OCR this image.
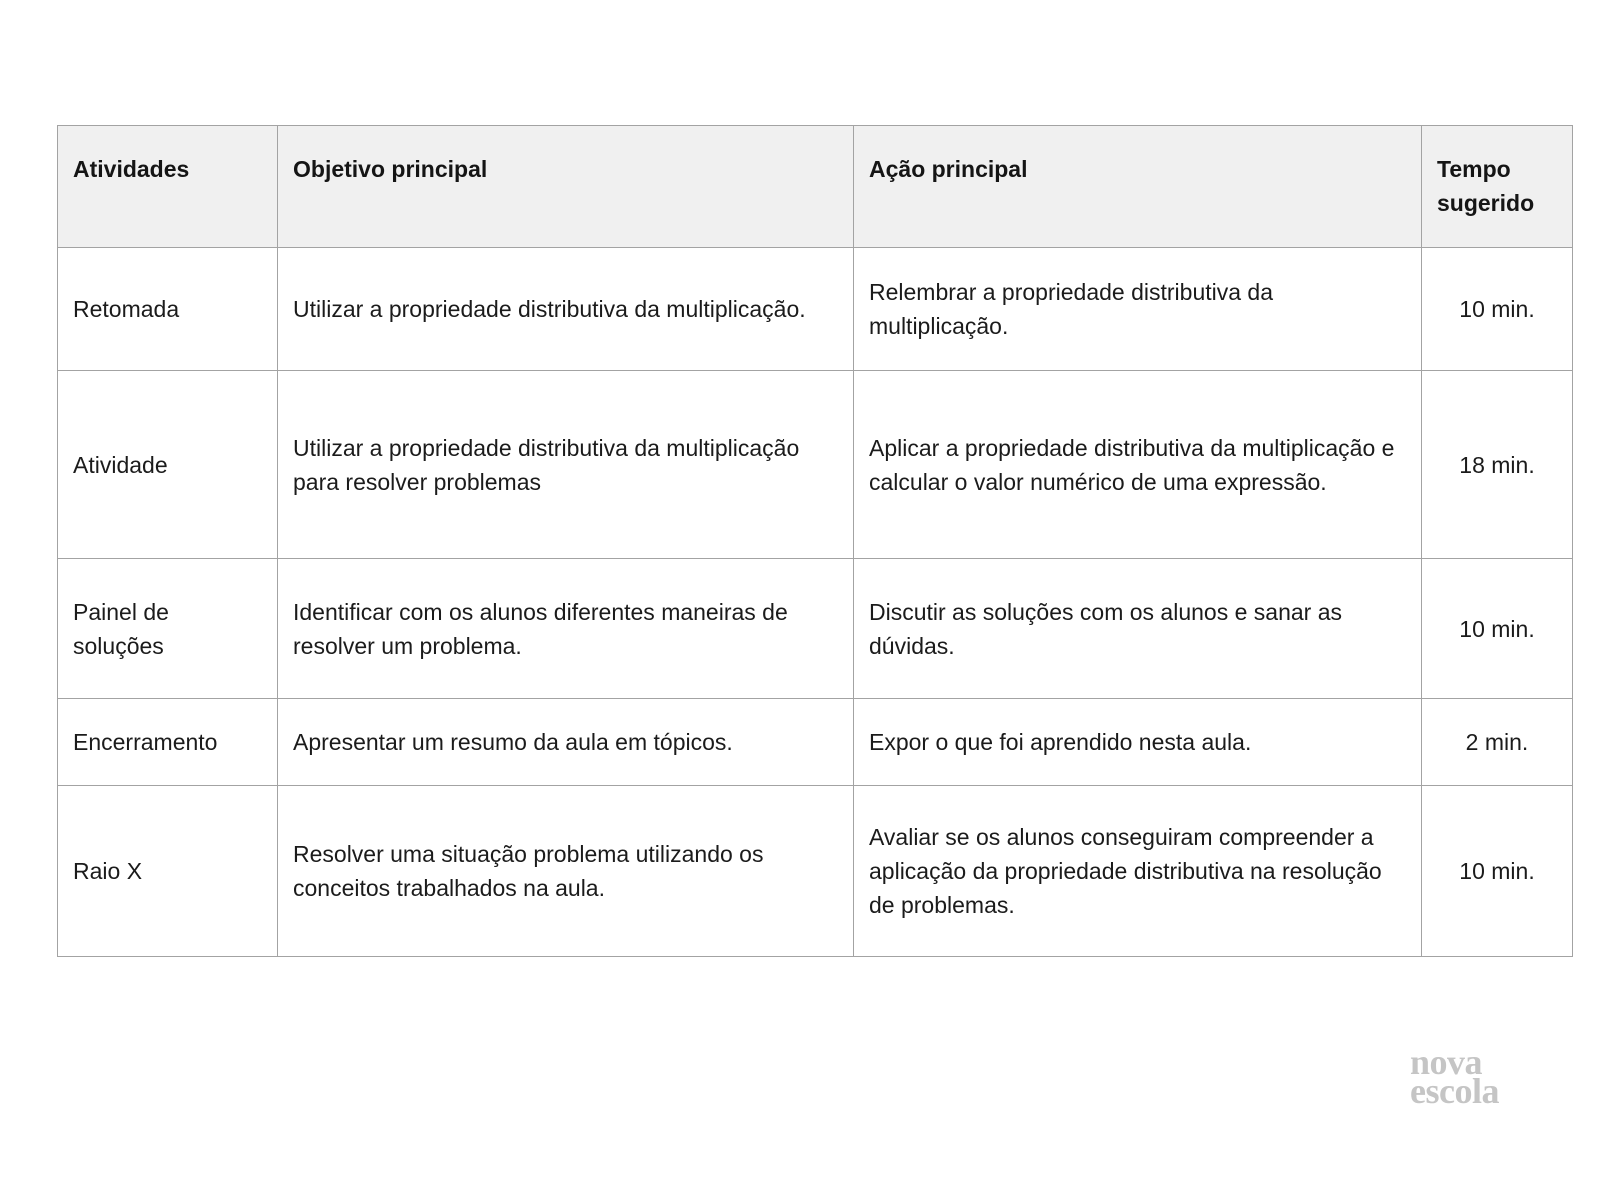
Atividades	Objetivo principal	Ação principal	Tempo sugerido
Retomada	Utilizar a propriedade distributiva da multiplicação.	Relembrar a propriedade distributiva da multiplicação.	10 min.
Atividade	Utilizar a propriedade distributiva da multiplicação para resolver problemas	Aplicar a propriedade distributiva da multiplicação e calcular o valor numérico de uma expressão.	18 min.
Painel de soluções	Identificar com os alunos diferentes maneiras de resolver um problema.	Discutir as soluções com os alunos e sanar as dúvidas.	10 min.
Encerramento	Apresentar um resumo da aula em tópicos.	Expor o que foi aprendido nesta aula.	2 min.
Raio X	Resolver uma situação problema utilizando os conceitos trabalhados na aula.	Avaliar se os alunos conseguiram compreender a aplicação da propriedade distributiva na resolução de problemas.	10 min.
nova
escola
